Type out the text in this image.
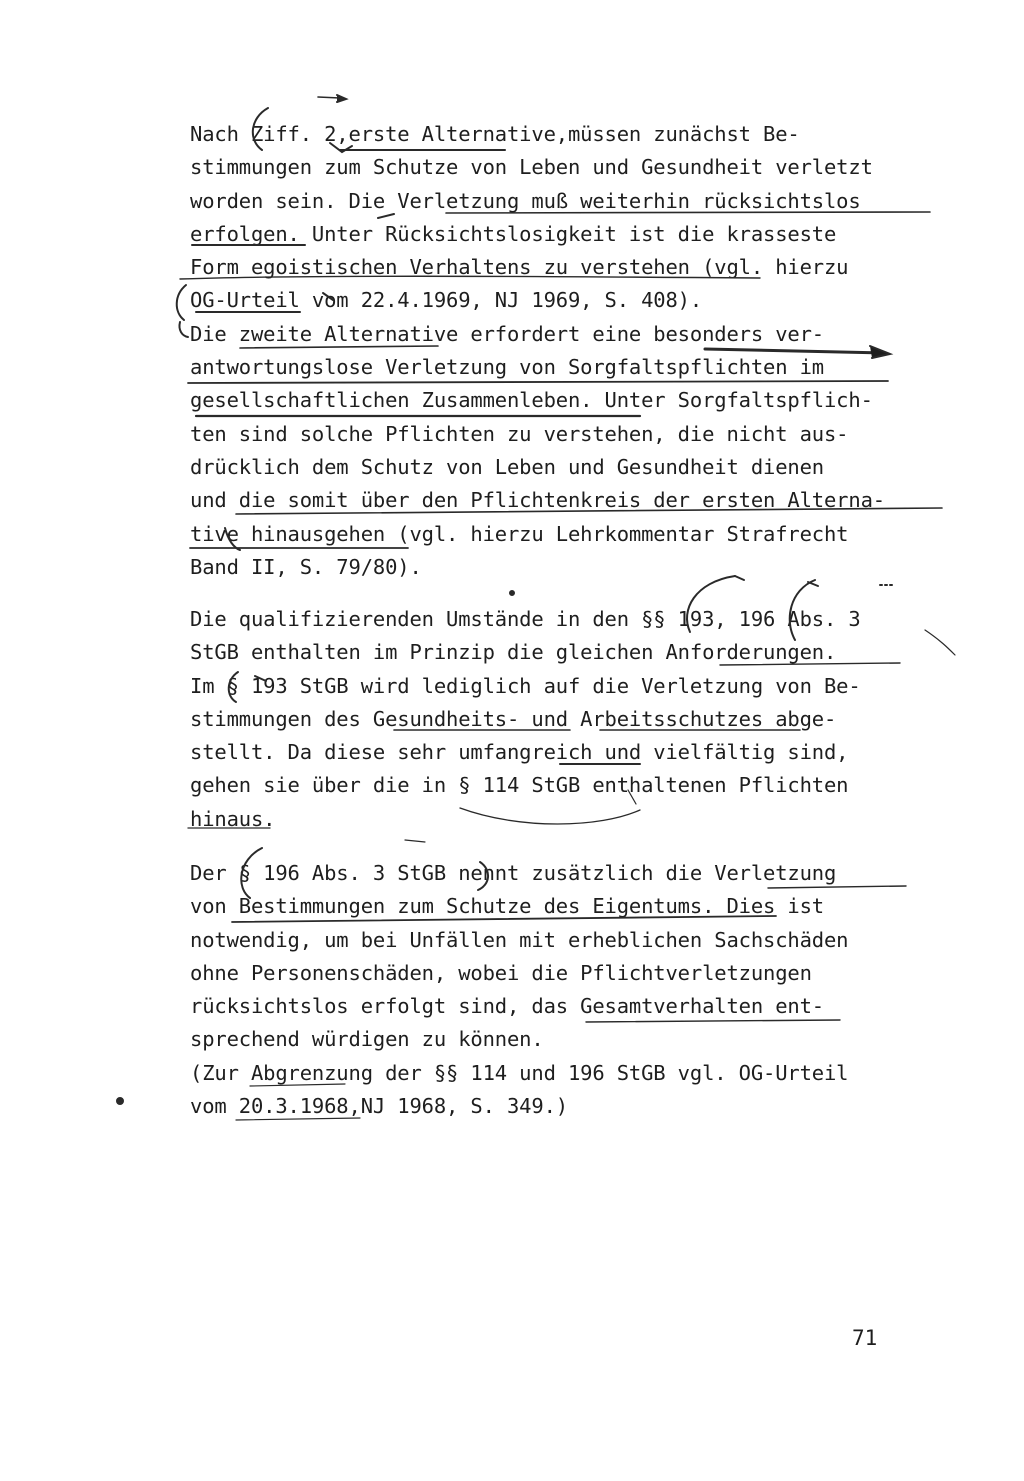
Nach Ziff. 2,erste Alternative,müssen zunächst Be-
stimmungen zum Schutze von Leben und Gesundheit verletzt
worden sein. Die Verletzung muß weiterhin rücksichtslos
erfolgen. Unter Rücksichtslosigkeit ist die krasseste
Form egoistischen Verhaltens zu verstehen (vgl. hierzu
OG-Urteil vom 22.4.1969, NJ 1969, S. 408).
Die zweite Alternative erfordert eine besonders ver-
antwortungslose Verletzung von Sorgfaltspflichten im
gesellschaftlichen Zusammenleben. Unter Sorgfaltspflich-
ten sind solche Pflichten zu verstehen, die nicht aus-
drücklich dem Schutz von Leben und Gesundheit dienen
und die somit über den Pflichtenkreis der ersten Alterna-
tive hinausgehen (vgl. hierzu Lehrkommentar Strafrecht
Band II, S. 79/80).
Die qualifizierenden Umstände in den §§ 193, 196 Abs. 3
StGB enthalten im Prinzip die gleichen Anforderungen.
Im § 193 StGB wird lediglich auf die Verletzung von Be-
stimmungen des Gesundheits- und Arbeitsschutzes abge-
stellt. Da diese sehr umfangreich und vielfältig sind,
gehen sie über die in § 114 StGB enthaltenen Pflichten
hinaus.
Der § 196 Abs. 3 StGB nennt zusätzlich die Verletzung
von Bestimmungen zum Schutze des Eigentums. Dies ist
notwendig, um bei Unfällen mit erheblichen Sachschäden
ohne Personenschäden, wobei die Pflichtverletzungen
rücksichtslos erfolgt sind, das Gesamtverhalten ent-
sprechend würdigen zu können.
(Zur Abgrenzung der §§ 114 und 196 StGB vgl. OG-Urteil
vom 20.3.1968,NJ 1968, S. 349.)
71
